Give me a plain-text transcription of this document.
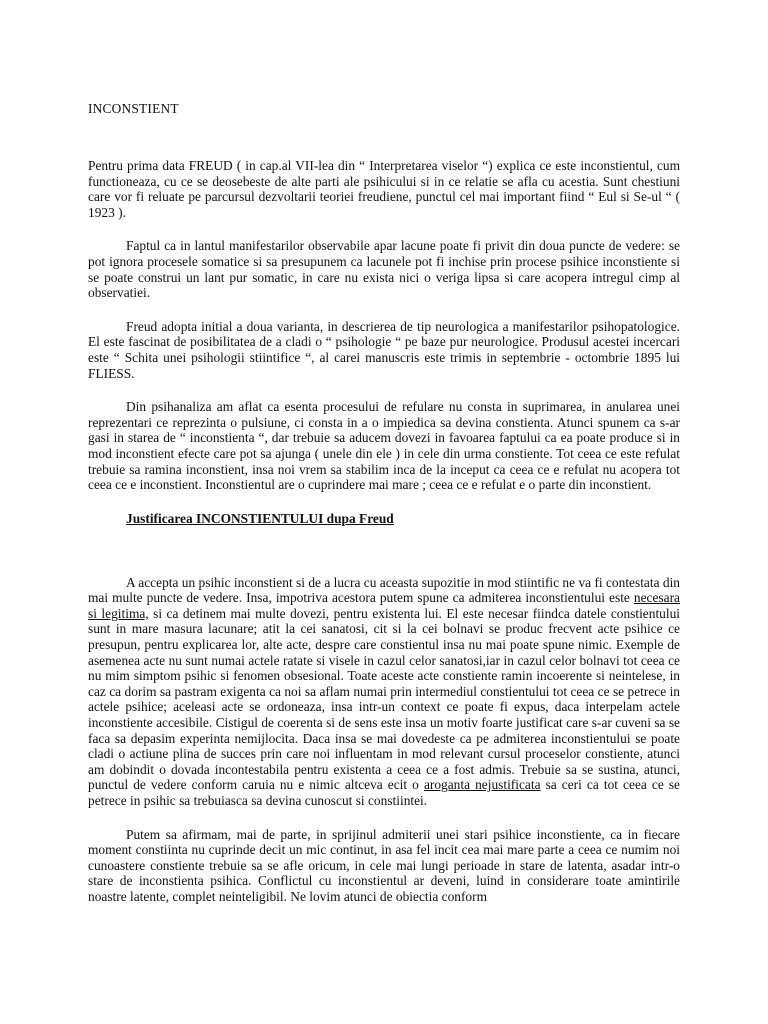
INCONSTIENT

Pentru prima data FREUD ( in cap.al VII-lea din “ Interpretarea viselor “) explica ce este inconstientul, cum functioneaza, cu ce se deosebeste de alte parti ale psihicului si in ce relatie se afla cu acestia. Sunt chestiuni care vor fi reluate pe parcursul dezvoltarii teoriei freudiene, punctul cel mai important fiind “ Eul si Se-ul “ ( 1923 ).

Faptul ca in lantul manifestarilor observabile apar lacune poate fi privit din doua puncte de vedere: se pot ignora procesele somatice si sa presupunem ca lacunele pot fi inchise prin procese psihice inconstiente si se poate construi un lant pur somatic, in care nu exista nici o veriga lipsa si care acopera intregul cimp al observatiei.

Freud adopta initial a doua varianta, in descrierea de tip neurologica a manifestarilor psihopatologice. El este fascinat de posibilitatea de a cladi o “ psihologie “ pe baze pur neurologice. Produsul acestei incercari este “ Schita unei psihologii stiintifice “, al carei manuscris este trimis in septembrie - octombrie 1895 lui FLIESS.

Din psihanaliza am aflat ca esenta procesului de refulare nu consta in suprimarea, in anularea unei reprezentari ce reprezinta o pulsiune, ci consta in a o impiedica sa devina constienta. Atunci spunem ca s-ar gasi in starea de “ inconstienta “, dar trebuie sa aducem dovezi in favoarea faptului ca ea poate produce si in mod inconstient efecte care pot sa ajunga ( unele din ele ) in cele din urma constiente. Tot ceea ce este refulat trebuie sa ramina inconstient, insa noi vrem sa stabilim inca de la inceput ca ceea ce e refulat nu acopera tot ceea ce e inconstient. Inconstientul are o cuprindere mai mare ; ceea ce e refulat e o parte din inconstient.

Justificarea INCONSTIENTULUI dupa Freud

A accepta un psihic inconstient si de a lucra cu aceasta supozitie in mod stiintific ne va fi contestata din mai multe puncte de vedere. Insa, impotriva acestora putem spune ca admiterea inconstientului este necesara si legitima, si ca detinem mai multe dovezi, pentru existenta lui. El este necesar fiindca datele constientului sunt in mare masura lacunare; atit la cei sanatosi, cit si la cei bolnavi se produc frecvent acte psihice ce presupun, pentru explicarea lor, alte acte, despre care constientul insa nu mai poate spune nimic. Exemple de asemenea acte nu sunt numai actele ratate si visele in cazul celor sanatosi,iar in cazul celor bolnavi tot ceea ce nu mim simptom psihic si fenomen obsesional. Toate aceste acte constiente ramin incoerente si neintelese, in caz ca dorim sa pastram exigenta ca noi sa aflam numai prin intermediul constientului tot ceea ce se petrece in actele psihice; aceleasi acte se ordoneaza, insa intr-un context ce poate fi expus, daca interpelam actele inconstiente accesibile. Cistigul de coerenta si de sens este insa un motiv foarte justificat care s-ar cuveni sa se faca sa depasim experinta nemijlocita. Daca insa se mai dovedeste ca pe admiterea inconstientului se poate cladi o actiune plina de succes prin care noi influentam in mod relevant cursul proceselor constiente, atunci am dobindit o dovada incontestabila pentru existenta a ceea ce a fost admis. Trebuie sa se sustina, atunci, punctul de vedere conform caruia nu e nimic altceva ecit o aroganta nejustificata sa ceri ca tot ceea ce se petrece in psihic sa trebuiasca sa devina cunoscut si constiintei.

Putem sa afirmam, mai de parte, in sprijinul admiterii unei stari psihice inconstiente, ca in fiecare moment constiinta nu cuprinde decit un mic continut, in asa fel incit cea mai mare parte a ceea ce numim noi cunoastere constiente trebuie sa se afle oricum, in cele mai lungi perioade in stare de latenta, asadar intr-o stare de inconstienta psihica. Conflictul cu inconstientul ar deveni, luind in considerare toate amintirile noastre latente, complet neinteligibil. Ne lovim atunci de obiectia conform
